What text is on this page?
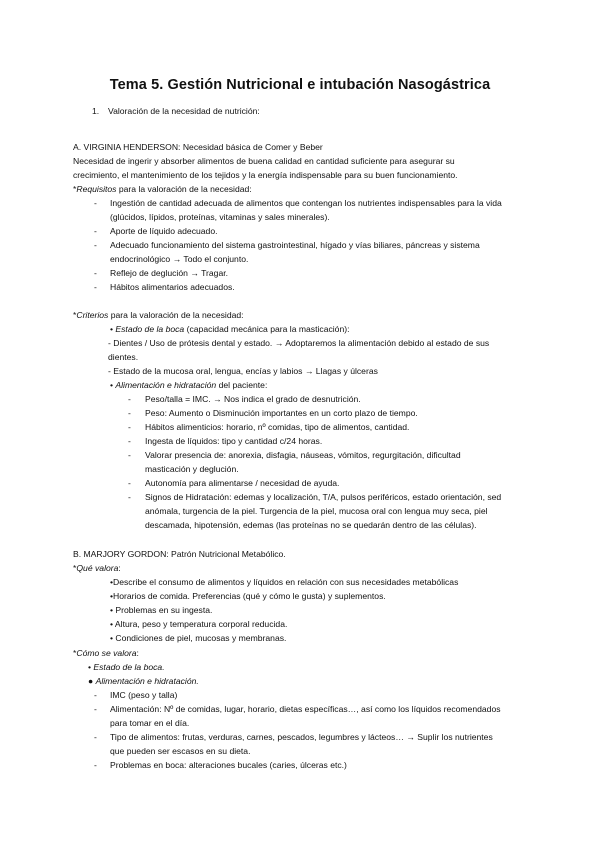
Tema 5. Gestión Nutricional e intubación Nasogástrica
1. Valoración de la necesidad de nutrición:
A. VIRGINIA HENDERSON: Necesidad básica de Comer y Beber
Necesidad de ingerir y absorber alimentos de buena calidad en cantidad suficiente para asegurar su
crecimiento, el mantenimiento de los tejidos y la energía indispensable para su buen funcionamiento.
*Requisitos para la valoración de la necesidad:
- Ingestión de cantidad adecuada de alimentos que contengan los nutrientes indispensables para la vida
(glúcidos, lípidos, proteínas, vitaminas y sales minerales).
- Aporte de líquido adecuado.
- Adecuado funcionamiento del sistema gastrointestinal, hígado y vías biliares, páncreas y sistema
endocrinológico → Todo el conjunto.
- Reflejo de deglución → Tragar.
- Hábitos alimentarios adecuados.
*Criterios para la valoración de la necesidad:
• Estado de la boca (capacidad mecánica para la masticación):
- Dientes / Uso de prótesis dental y estado. → Adoptaremos la alimentación debido al estado de sus
dientes.
- Estado de la mucosa oral, lengua, encías y labios → Llagas y úlceras
• Alimentación e hidratación del paciente:
- Peso/talla = IMC. → Nos indica el grado de desnutrición.
- Peso: Aumento o Disminución importantes en un corto plazo de tiempo.
- Hábitos alimenticios: horario, nº comidas, tipo de alimentos, cantidad.
- Ingesta de líquidos: tipo y cantidad c/24 horas.
- Valorar presencia de: anorexia, disfagia, náuseas, vómitos, regurgitación, dificultad
masticación y deglución.
- Autonomía para alimentarse / necesidad de ayuda.
- Signos de Hidratación: edemas y localización, T/A, pulsos periféricos, estado orientación, sed
anómala, turgencia de la piel. Turgencia de la piel, mucosa oral con lengua muy seca, piel
descamada, hipotensión, edemas (las proteínas no se quedarán dentro de las células).
B. MARJORY GORDON: Patrón Nutricional Metabólico.
*Qué valora:
•Describe el consumo de alimentos y líquidos en relación con sus necesidades metabólicas
•Horarios de comida. Preferencias (qué y cómo le gusta) y suplementos.
• Problemas en su ingesta.
• Altura, peso y temperatura corporal reducida.
• Condiciones de piel, mucosas y membranas.
*Cómo se valora:
• Estado de la boca.
● Alimentación e hidratación.
- IMC (peso y talla)
- Alimentación: Nº de comidas, lugar, horario, dietas específicas…, así como los líquidos recomendados
para tomar en el día.
- Tipo de alimentos: frutas, verduras, carnes, pescados, legumbres y lácteos… → Suplir los nutrientes
que pueden ser escasos en su dieta.
- Problemas en boca: alteraciones bucales (caries, úlceras etc.)
